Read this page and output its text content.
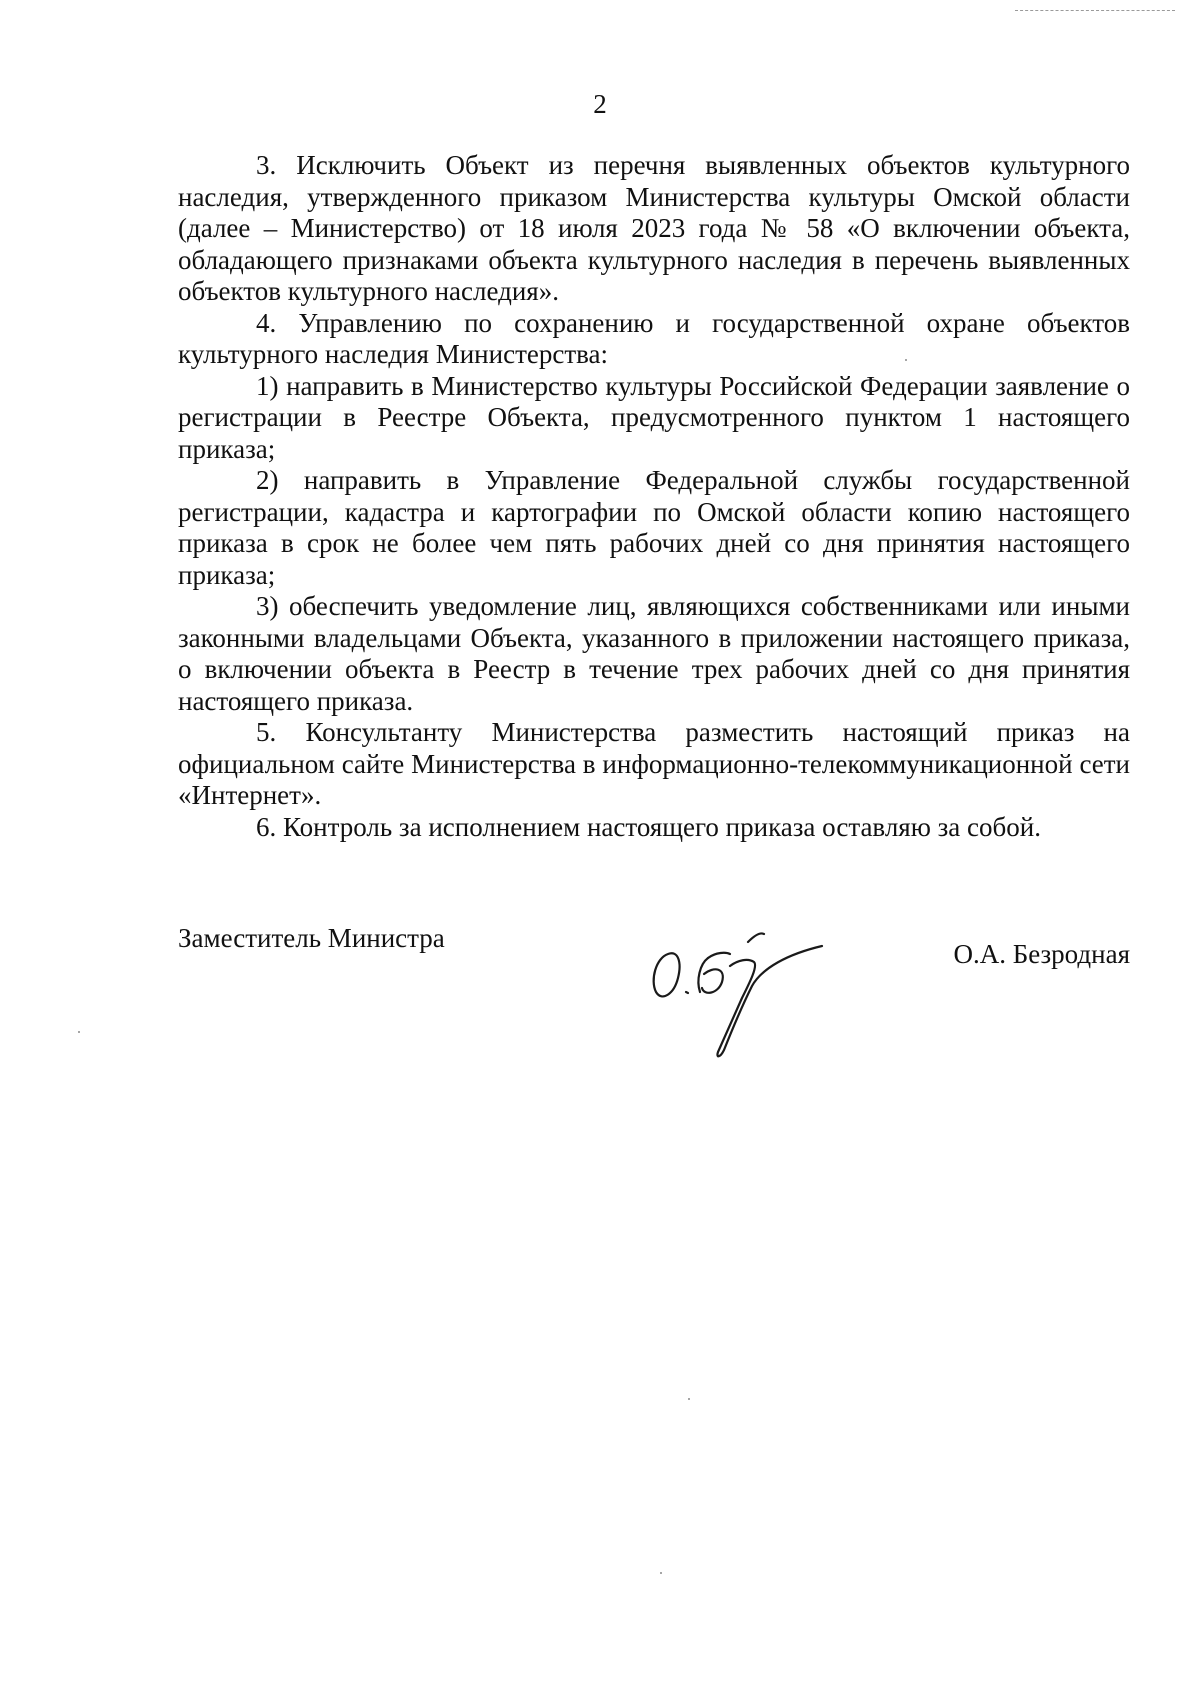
2

3. Исключить Объект из перечня выявленных объектов культурного наследия, утвержденного приказом Министерства культуры Омской области (далее – Министерство) от 18 июля 2023 года № 58 «О включении объекта, обладающего признаками объекта культурного наследия в перечень выявленных объектов культурного наследия».

4. Управлению по сохранению и государственной охране объектов культурного наследия Министерства:

1) направить в Министерство культуры Российской Федерации заявление о регистрации в Реестре Объекта, предусмотренного пунктом 1 настоящего приказа;

2) направить в Управление Федеральной службы государственной регистрации, кадастра и картографии по Омской области копию настоящего приказа в срок не более чем пять рабочих дней со дня принятия настоящего приказа;

3) обеспечить уведомление лиц, являющихся собственниками или иными законными владельцами Объекта, указанного в приложении настоящего приказа, о включении объекта в Реестр в течение трех рабочих дней со дня принятия настоящего приказа.

5. Консультанту Министерства разместить настоящий приказ на официальном сайте Министерства в информационно-телекоммуникационной сети «Интернет».

6. Контроль за исполнением настоящего приказа оставляю за собой.

Заместитель Министра
О.А. Безродная
